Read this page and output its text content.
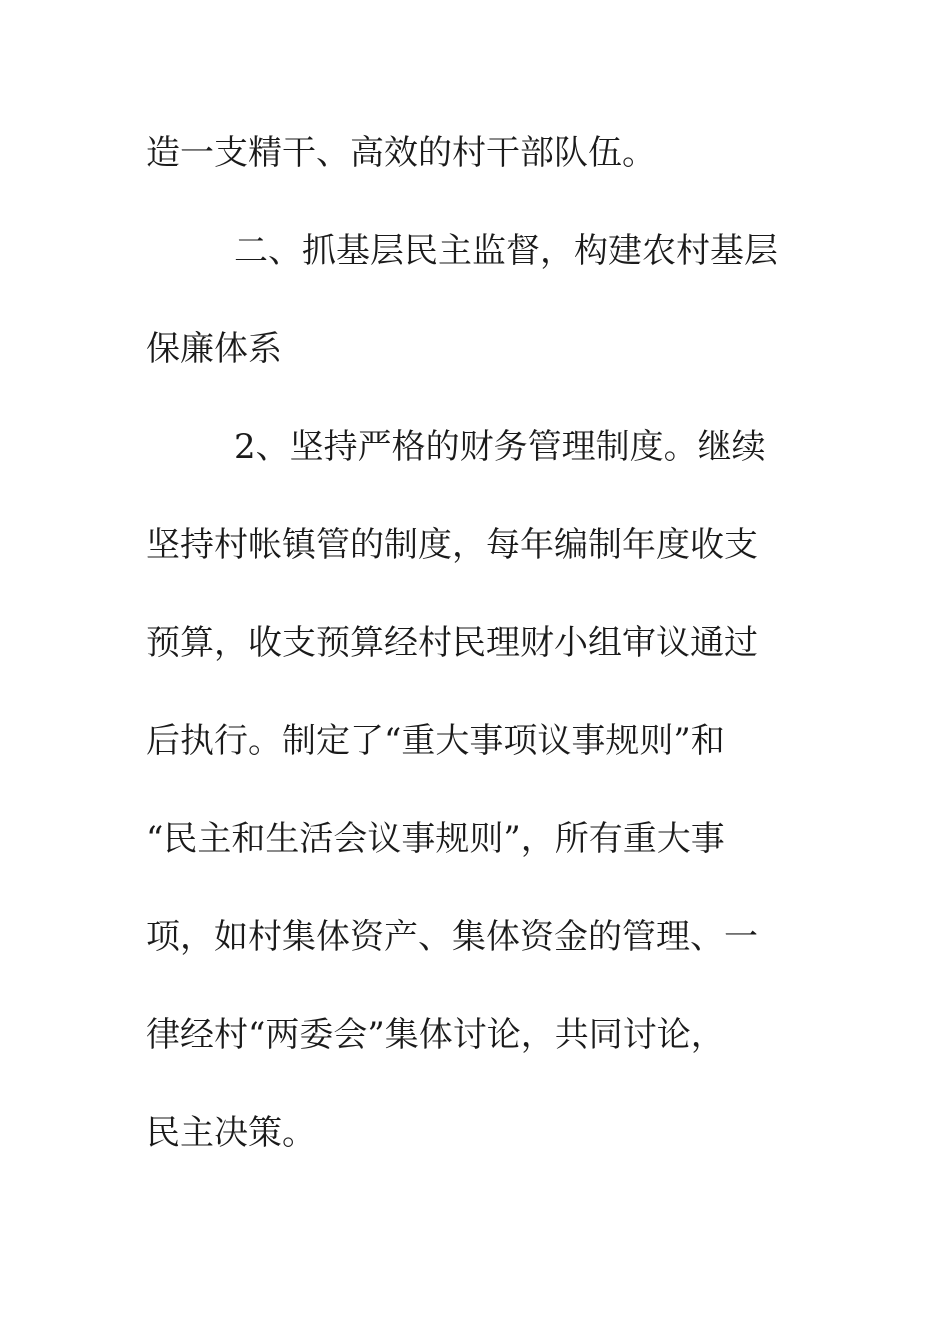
造一支精干、高效的村干部队伍。
二、抓基层民主监督，构建农村基层
保廉体系
2、坚持严格的财务管理制度。继续
坚持村帐镇管的制度，每年编制年度收支
预算，收支预算经村民理财小组审议通过
后执行。制定了“重大事项议事规则”和
“民主和生活会议事规则”，所有重大事
项，如村集体资产、集体资金的管理、一
律经村“两委会”集体讨论，共同讨论，
民主决策。
